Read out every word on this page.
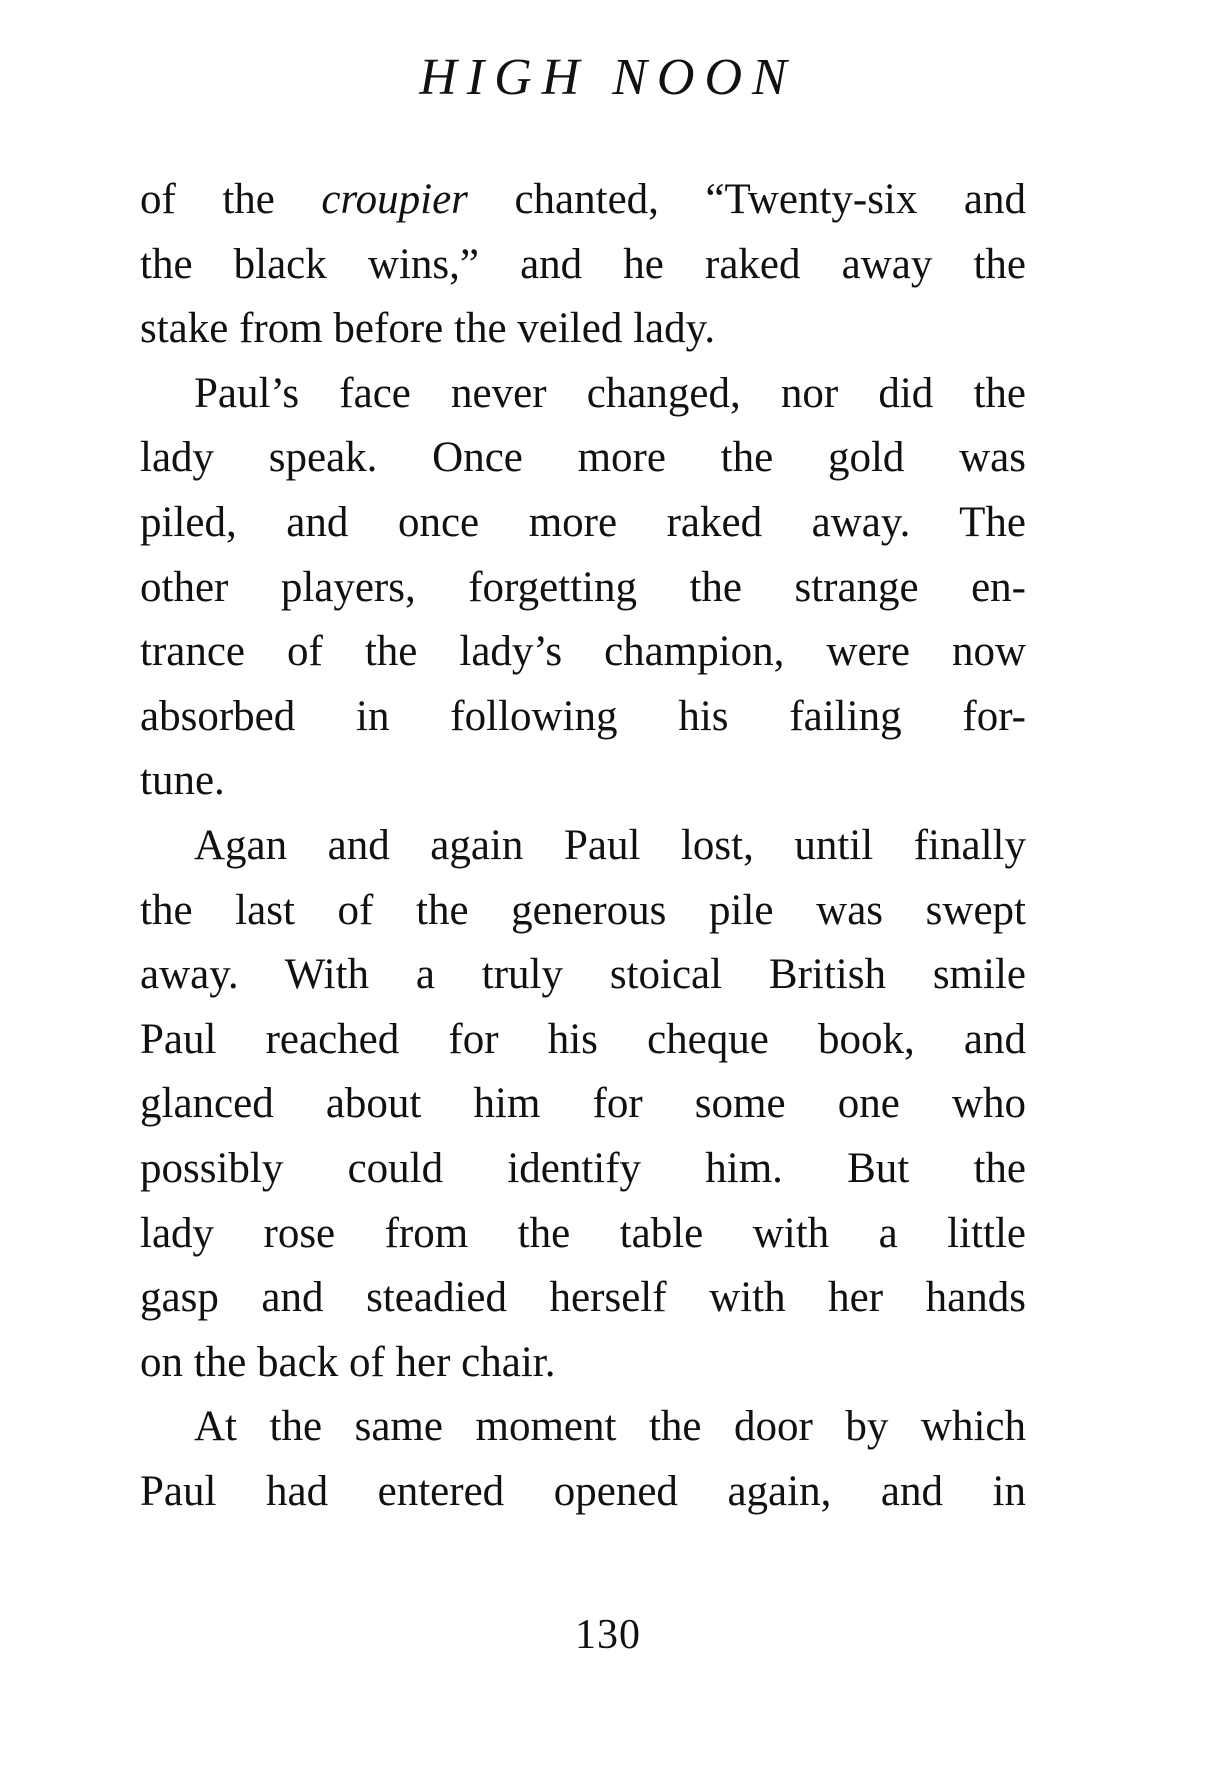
HIGH NOON
of the croupier chanted, “Twenty-six and
the black wins,” and he raked away the
stake from before the veiled lady.
Paul’s face never changed, nor did the
lady speak. Once more the gold was
piled, and once more raked away. The
other players, forgetting the strange en-
trance of the lady’s champion, were now
absorbed in following his failing for-
tune.
Agan and again Paul lost, until finally
the last of the generous pile was swept
away. With a truly stoical British smile
Paul reached for his cheque book, and
glanced about him for some one who
possibly could identify him. But the
lady rose from the table with a little
gasp and steadied herself with her hands
on the back of her chair.
At the same moment the door by which
Paul had entered opened again, and in
130
